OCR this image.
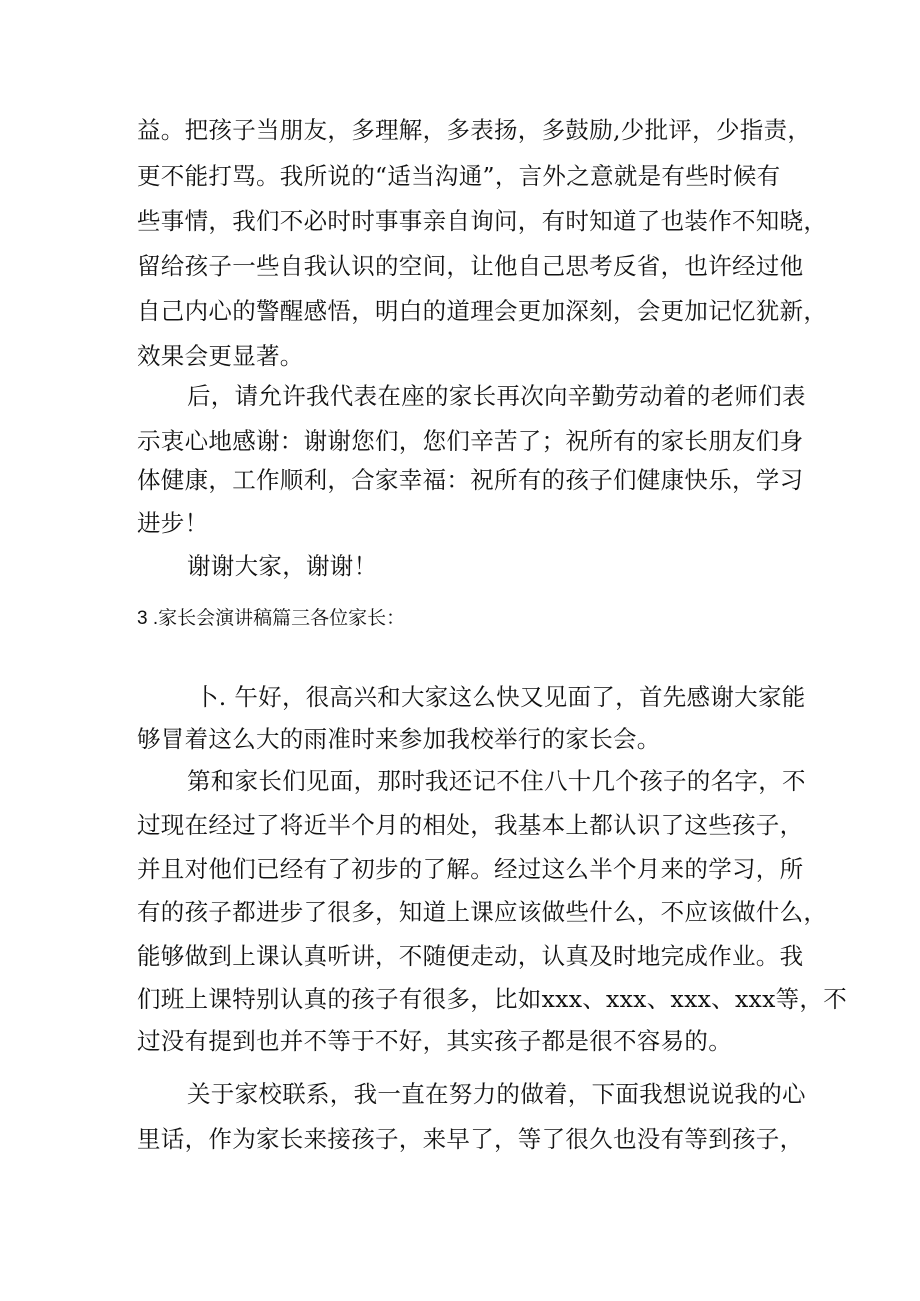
益。把孩子当朋友，多理解，多表扬，多鼓励,少批评，少指责，
更不能打骂。我所说的“适当沟通”，言外之意就是有些时候有
些事情，我们不必时时事事亲自询问，有时知道了也装作不知晓，
留给孩子一些自我认识的空间，让他自己思考反省，也许经过他
自己内心的警醒感悟，明白的道理会更加深刻，会更加记忆犹新，
效果会更显著。
后，请允许我代表在座的家长再次向辛勤劳动着的老师们表
示衷心地感谢：谢谢您们，您们辛苦了；祝所有的家长朋友们身
体健康，工作顺利，合家幸福：祝所有的孩子们健康快乐，学习
进步！
谢谢大家，谢谢！
3 .家长会演讲稿篇三各位家长：
卜. 午好，很高兴和大家这么快又见面了，首先感谢大家能
够冒着这么大的雨准时来参加我校举行的家长会。
第和家长们见面，那时我还记不住八十几个孩子的名字，不
过现在经过了将近半个月的相处，我基本上都认识了这些孩子，
并且对他们已经有了初步的了解。经过这么半个月来的学习，所
有的孩子都进步了很多，知道上课应该做些什么，不应该做什么，
能够做到上课认真听讲，不随便走动，认真及时地完成作业。我
们班上课特别认真的孩子有很多，比如xxx、xxx、xxx、xxx等，不
过没有提到也并不等于不好，其实孩子都是很不容易的。
关于家校联系，我一直在努力的做着，下面我想说说我的心
里话，作为家长来接孩子，来早了，等了很久也没有等到孩子，
